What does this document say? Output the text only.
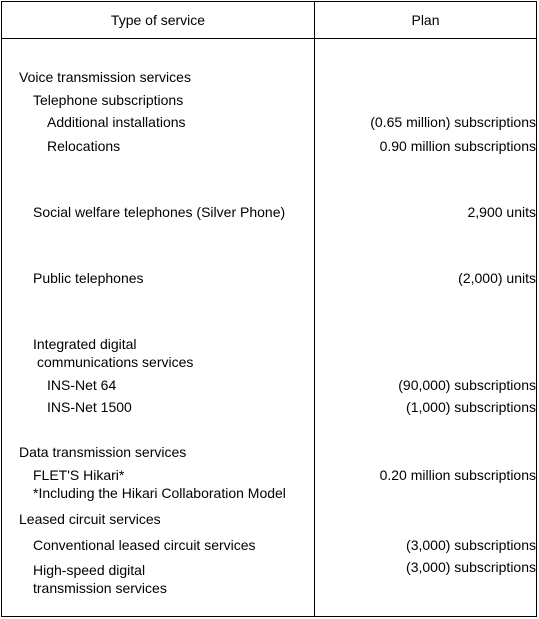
Type of service	Plan
Voice transmission services
Telephone subscriptions
Additional installations
Relocations
Social welfare telephones (Silver Phone)
Public telephones
Integrated digital
communications services
INS-Net 64
INS-Net 1500
Data transmission services
FLET'S Hikari*
*Including the Hikari Collaboration Model
Leased circuit services
Conventional leased circuit services
High-speed digital
transmission services
(0.65 million) subscriptions
0.90 million subscriptions
2,900 units
(2,000) units
(90,000) subscriptions
(1,000) subscriptions
0.20 million subscriptions
(3,000) subscriptions
(3,000) subscriptions
